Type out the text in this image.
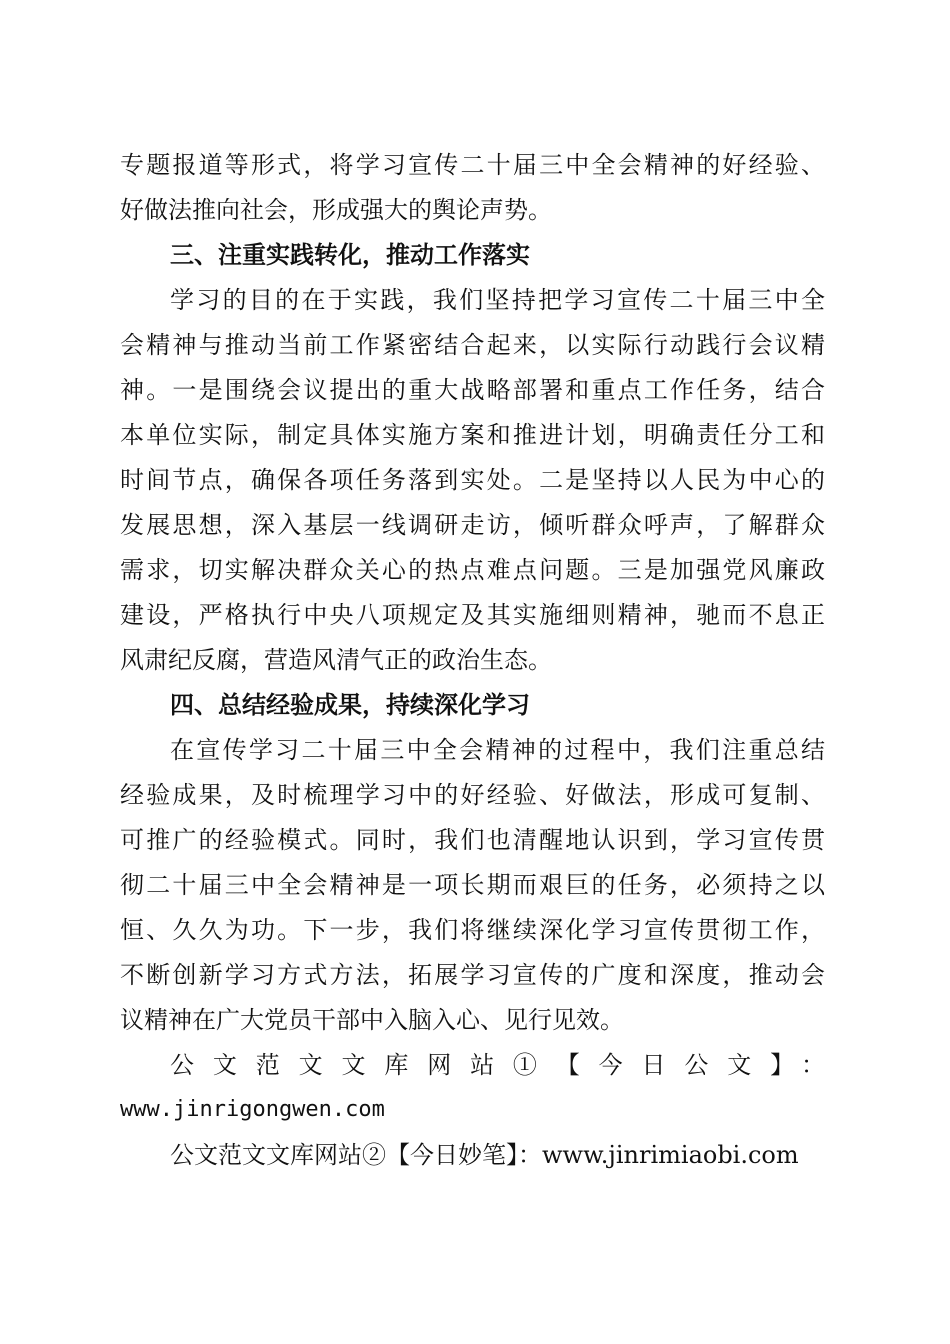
专题报道等形式，将学习宣传二十届三中全会精神的好经验、
好做法推向社会，形成强大的舆论声势。
三、注重实践转化，推动工作落实
学习的目的在于实践，我们坚持把学习宣传二十届三中全
会精神与推动当前工作紧密结合起来，以实际行动践行会议精
神。一是围绕会议提出的重大战略部署和重点工作任务，结合
本单位实际，制定具体实施方案和推进计划，明确责任分工和
时间节点，确保各项任务落到实处。二是坚持以人民为中心的
发展思想，深入基层一线调研走访，倾听群众呼声，了解群众
需求，切实解决群众关心的热点难点问题。三是加强党风廉政
建设，严格执行中央八项规定及其实施细则精神，驰而不息正
风肃纪反腐，营造风清气正的政治生态。
四、总结经验成果，持续深化学习
在宣传学习二十届三中全会精神的过程中，我们注重总结
经验成果，及时梳理学习中的好经验、好做法，形成可复制、
可推广的经验模式。同时，我们也清醒地认识到，学习宣传贯
彻二十届三中全会精神是一项长期而艰巨的任务，必须持之以
恒、久久为功。下一步，我们将继续深化学习宣传贯彻工作，
不断创新学习方式方法，拓展学习宣传的广度和深度，推动会
议精神在广大党员干部中入脑入心、见行见效。
公文范文文库网站①【今日公文】：
www.jinrigongwen.com
公文范文文库网站②【今日妙笔】：www.jinrimiaobi.com
